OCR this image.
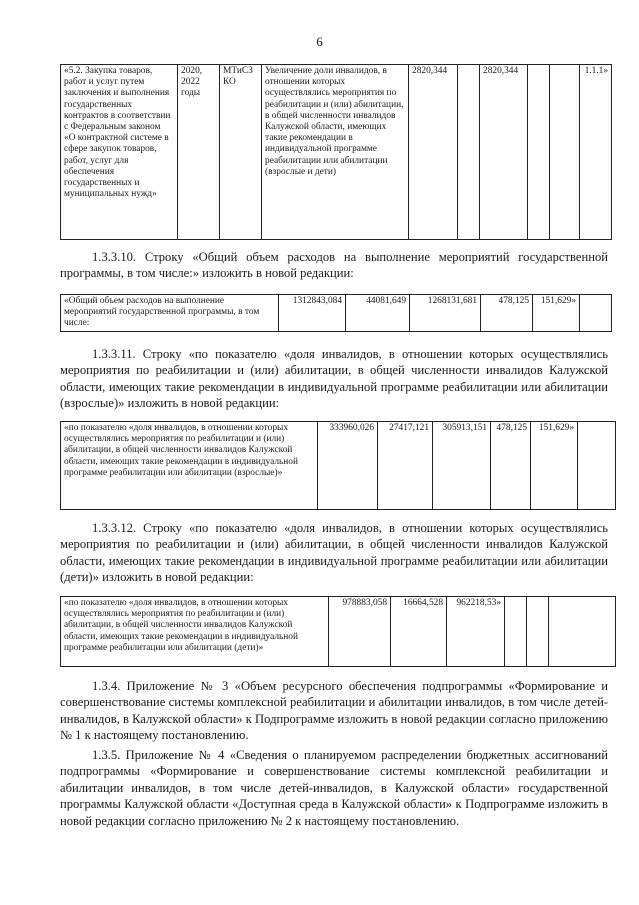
6
«5.2. Закупка товаров, работ и услуг путем заключения и выполнения государственных контрактов в соответствии с Федеральным законом «О контрактной системе в сфере закупок товаров, работ, услуг для обеспечения государственных и муниципальных нужд»	2020, 2022 годы	МТиСЗ КО	Увеличение доли инвалидов, в отношении которых осуществлялись мероприятия по реабилитации и (или) абилитации, в общей численности инвалидов Калужской области, имеющих такие рекомендации в индивидуальной программе реабилитации или абилитации (взрослые и дети)	2820,344		2820,344			1.1.1»

1.3.3.10. Строку «Общий объем расходов на выполнение мероприятий государственной программы, в том числе:» изложить в новой редакции:

«Общий объем расходов на выполнение мероприятий государственной программы, в том числе:	1312843,084	44081,649	1268131,681	478,125	151,629»	

1.3.3.11. Строку «по показателю «доля инвалидов, в отношении которых осуществлялись мероприятия по реабилитации и (или) абилитации, в общей численности инвалидов Калужской области, имеющих такие рекомендации в индивидуальной программе реабилитации или абилитации (взрослые)» изложить в новой редакции:

«по показателю «доля инвалидов, в отношении которых осуществлялись мероприятия по реабилитации и (или) абилитации, в общей численности инвалидов Калужской области, имеющих такие рекомендации в индивидуальной программе реабилитации или абилитации (взрослые)»	333960,026	27417,121	305913,151	478,125	151,629»	

1.3.3.12. Строку «по показателю «доля инвалидов, в отношении которых осуществлялись мероприятия по реабилитации и (или) абилитации, в общей численности инвалидов Калужской области, имеющих такие рекомендации в индивидуальной программе реабилитации или абилитации (дети)» изложить в новой редакции:

«по показателю «доля инвалидов, в отношении которых осуществлялись мероприятия по реабилитации и (или) абилитации, в общей численности инвалидов Калужской области, имеющих такие рекомендации в индивидуальной программе реабилитации или абилитации (дети)»	978883,058	16664,528	962218,53»			

1.3.4. Приложение № 3 «Объем ресурсного обеспечения подпрограммы «Формирование и совершенствование системы комплексной реабилитации и абилитации инвалидов, в том числе детей-инвалидов, в Калужской области» к Подпрограмме изложить в новой редакции согласно приложению № 1 к настоящему постановлению.

1.3.5. Приложение № 4 «Сведения о планируемом распределении бюджетных ассигнований подпрограммы «Формирование и совершенствование системы комплексной реабилитации и абилитации инвалидов, в том числе детей-инвалидов, в Калужской области» государственной программы Калужской области «Доступная среда в Калужской области» к Подпрограмме изложить в новой редакции согласно приложению № 2 к настоящему постановлению.
